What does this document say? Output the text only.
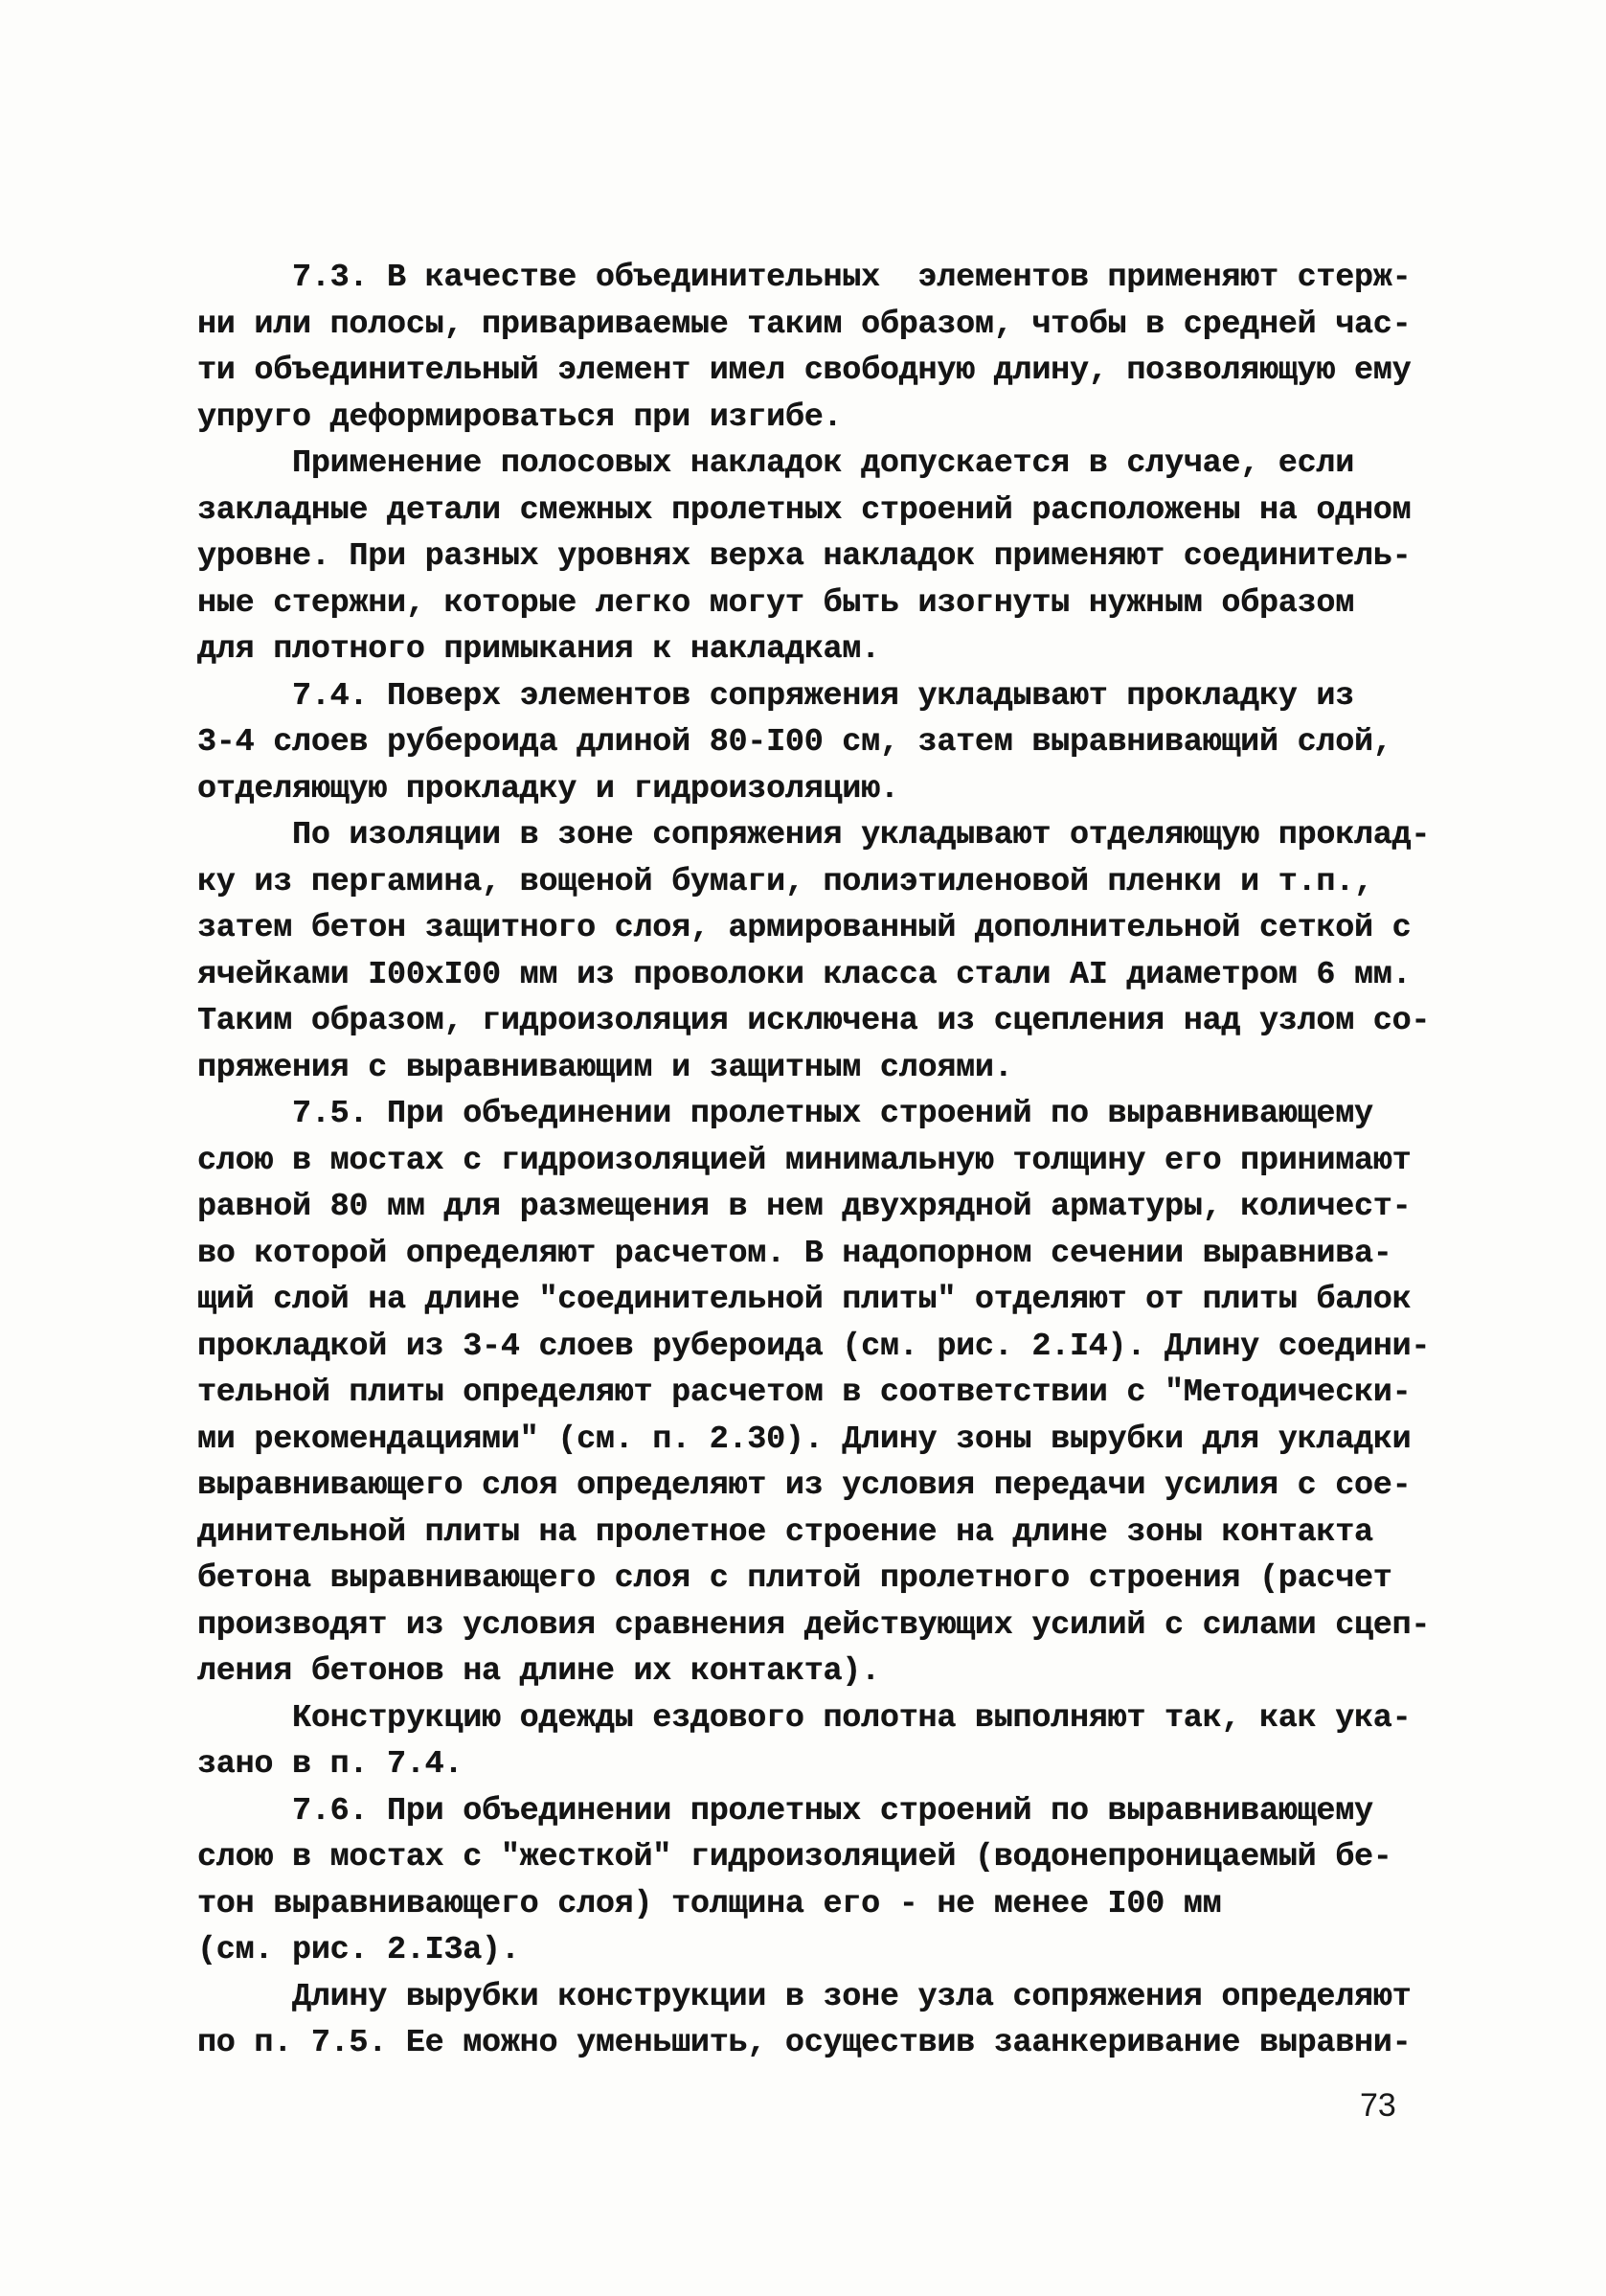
7.3. В качестве объединительных  элементов применяют стерж-
ни или полосы, привариваемые таким образом, чтобы в средней час-
ти объединительный элемент имел свободную длину, позволяющую ему
упруго деформироваться при изгибе.
Применение полосовых накладок допускается в случае, если
закладные детали смежных пролетных строений расположены на одном
уровне. При разных уровнях верха накладок применяют соединитель-
ные стержни, которые легко могут быть изогнуты нужным образом
для плотного примыкания к накладкам.
7.4. Поверх элементов сопряжения укладывают прокладку из
3-4 слоев рубероида длиной 80-I00 см, затем выравнивающий слой,
отделяющую прокладку и гидроизоляцию.
По изоляции в зоне сопряжения укладывают отделяющую проклад-
ку из пергамина, вощеной бумаги, полиэтиленовой пленки и т.п.,
затем бетон защитного слоя, армированный дополнительной сеткой с
ячейками I00xI00 мм из проволоки класса стали AI диаметром 6 мм.
Таким образом, гидроизоляция исключена из сцепления над узлом со-
пряжения с выравнивающим и защитным слоями.
7.5. При объединении пролетных строений по выравнивающему
слою в мостах с гидроизоляцией минимальную толщину его принимают
равной 80 мм для размещения в нем двухрядной арматуры, количест-
во которой определяют расчетом. В надопорном сечении выравнива-
щий слой на длине "соединительной плиты" отделяют от плиты балок
прокладкой из 3-4 слоев рубероида (см. рис. 2.I4). Длину соедини-
тельной плиты определяют расчетом в соответствии с "Методически-
ми рекомендациями" (см. п. 2.30). Длину зоны вырубки для укладки
выравнивающего слоя определяют из условия передачи усилия с сое-
динительной плиты на пролетное строение на длине зоны контакта
бетона выравнивающего слоя с плитой пролетного строения (расчет
производят из условия сравнения действующих усилий с силами сцеп-
ления бетонов на длине их контакта).
Конструкцию одежды ездового полотна выполняют так, как ука-
зано в п. 7.4.
7.6. При объединении пролетных строений по выравнивающему
слою в мостах с "жесткой" гидроизоляцией (водонепроницаемый бе-
тон выравнивающего слоя) толщина его - не менее I00 мм
(см. рис. 2.I3a).
Длину вырубки конструкции в зоне узла сопряжения определяют
по п. 7.5. Ее можно уменьшить, осуществив заанкеривание выравни-
73
